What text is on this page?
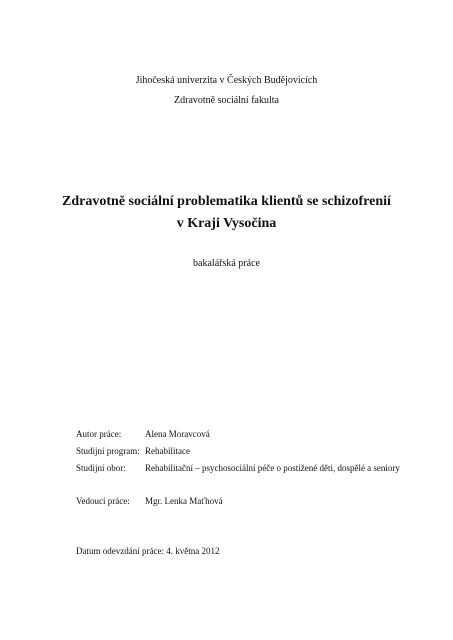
Jihočeská univerzita v Českých Budějovicích
Zdravotně sociální fakulta
Zdravotně sociální problematika klientů se schizofrenií
v Kraji Vysočina
bakalářská práce
Autor práce:	Alena Moravcová
Studijní program: Rehabilitace
Studijní obor:	Rehabilitační – psychosociální péče o postižené děti, dospělé a seniory
Vedoucí práce:	Mgr. Lenka Maťhová
Datum odevzdání práce: 4. května 2012
